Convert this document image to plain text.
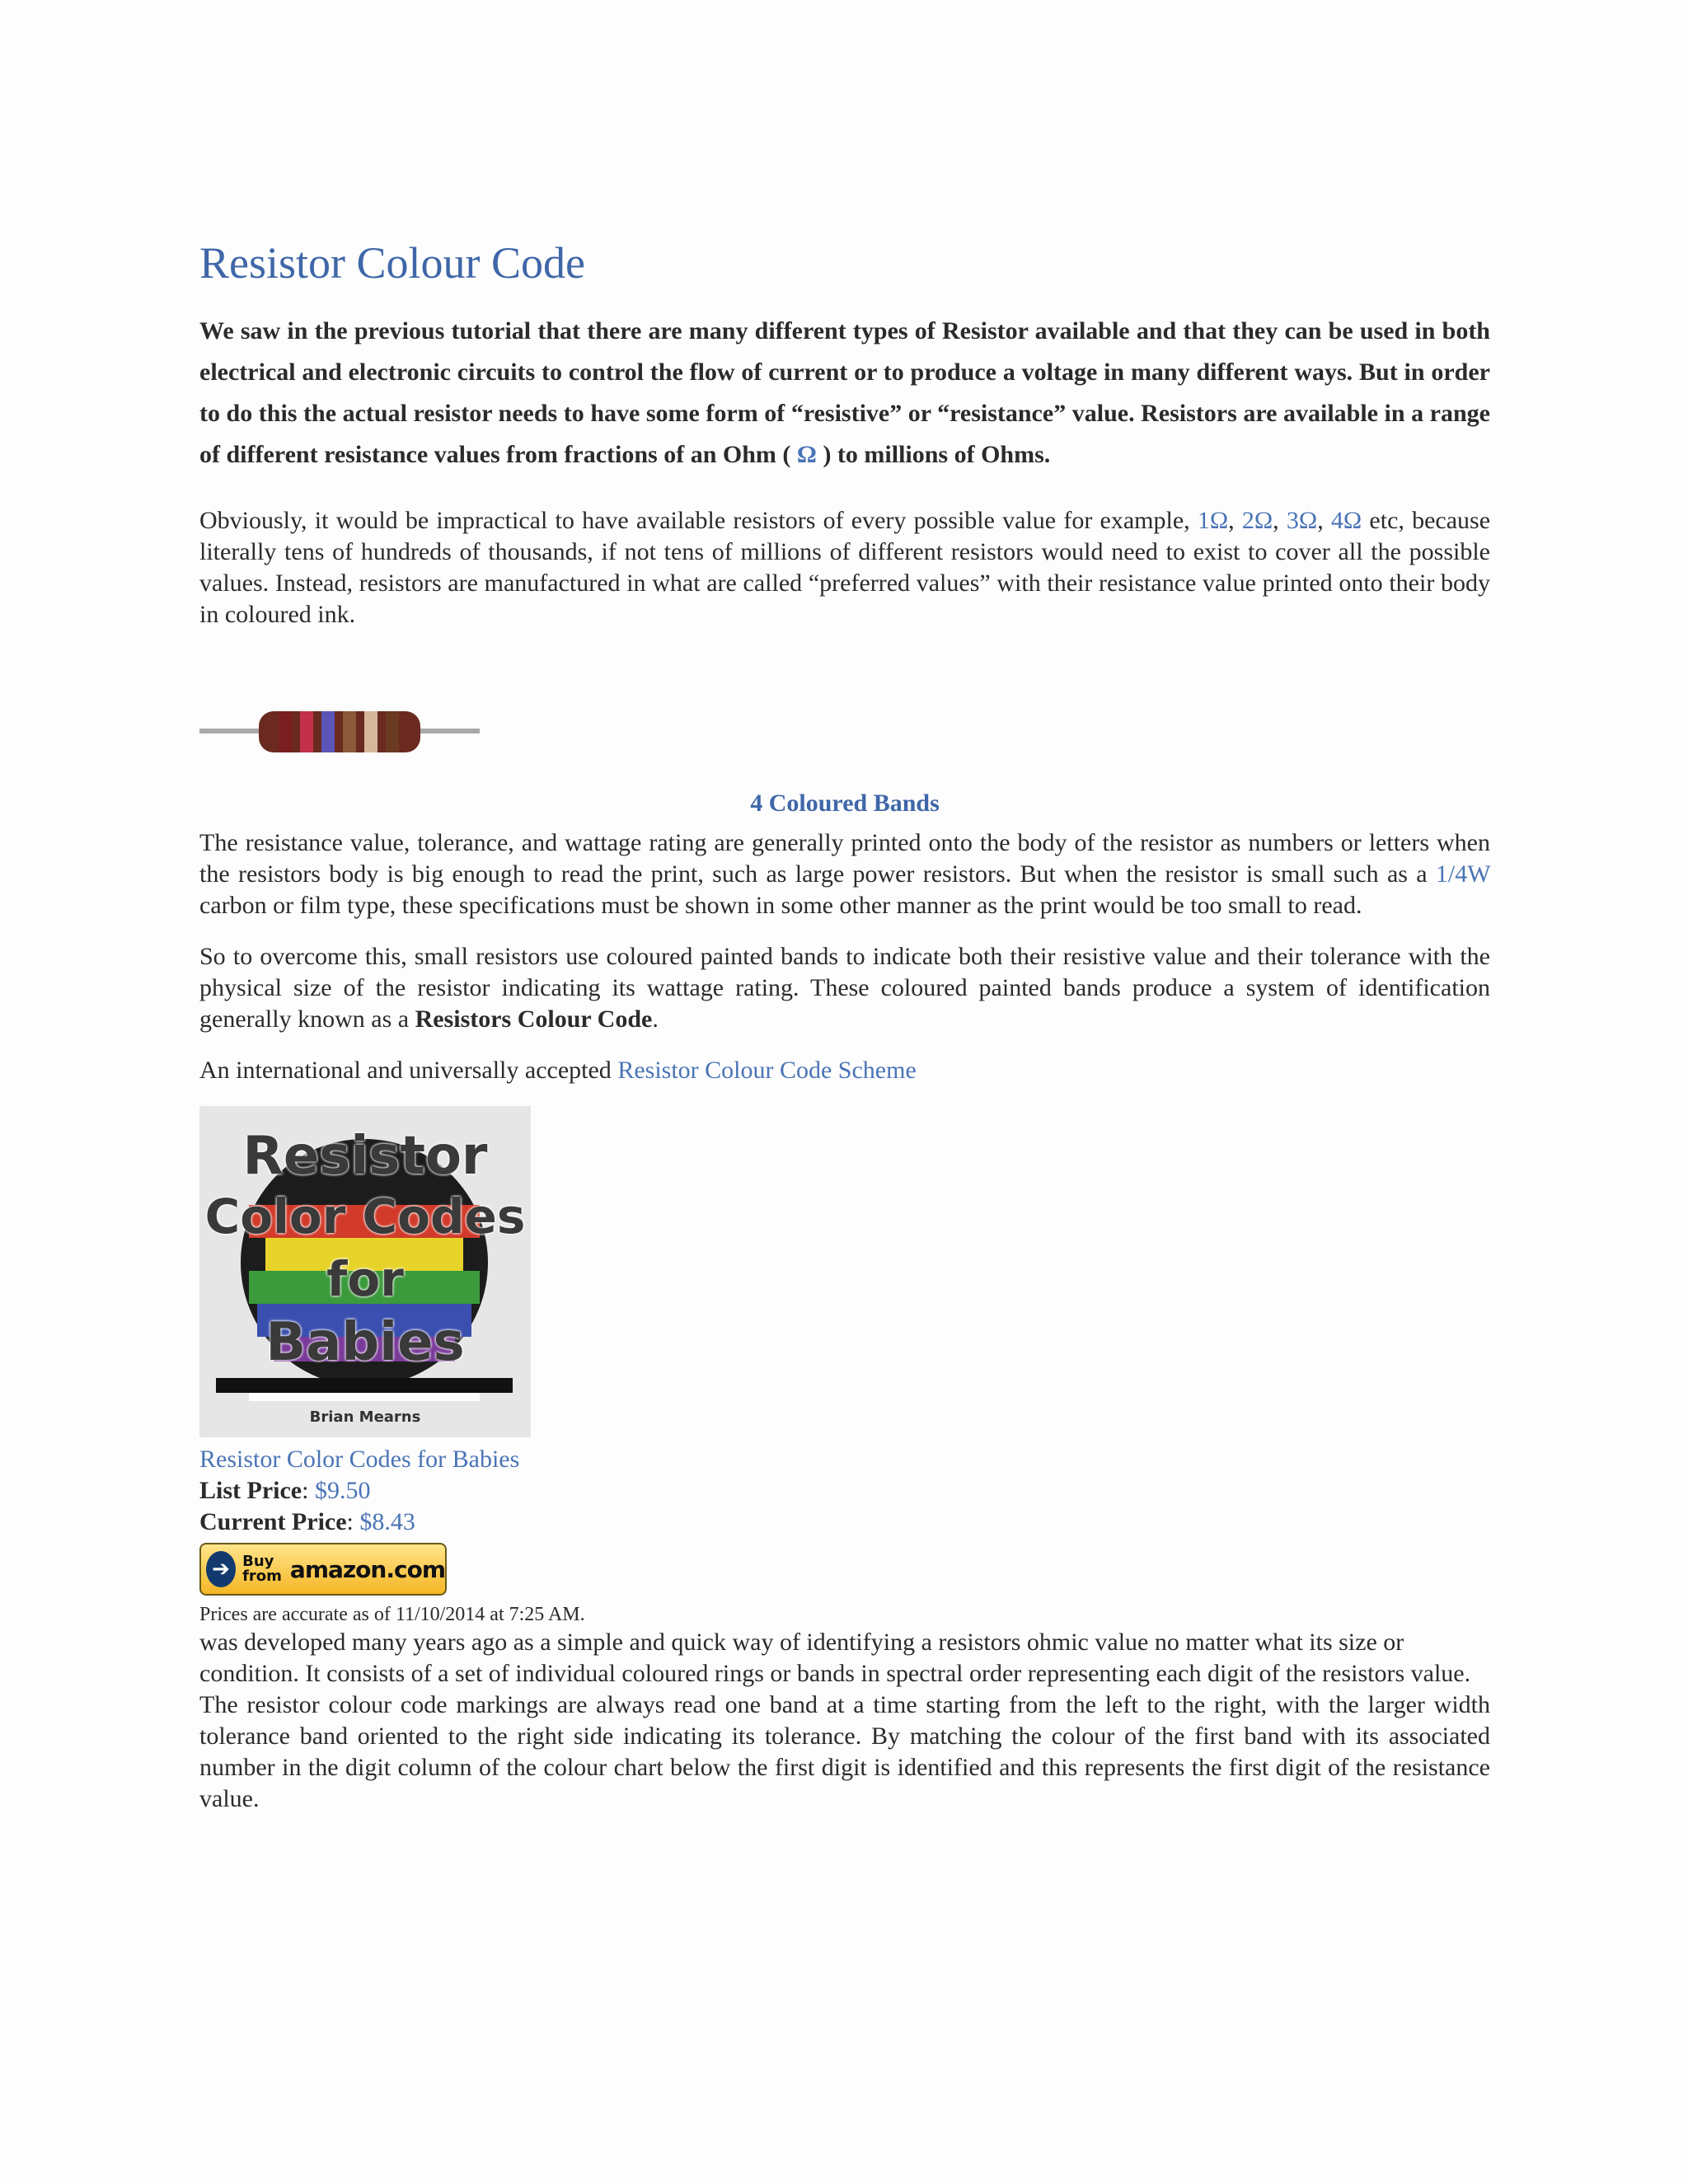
Resistor Colour Code

We saw in the previous tutorial that there are many different types of Resistor available and that they can be used in both electrical and electronic circuits to control the flow of current or to produce a voltage in many different ways. But in order to do this the actual resistor needs to have some form of “resistive” or “resistance” value. Resistors are available in a range of different resistance values from fractions of an Ohm ( Ω ) to millions of Ohms.

Obviously, it would be impractical to have available resistors of every possible value for example, 1Ω, 2Ω, 3Ω, 4Ω etc, because literally tens of hundreds of thousands, if not tens of millions of different resistors would need to exist to cover all the possible values. Instead, resistors are manufactured in what are called “preferred values” with their resistance value printed onto their body in coloured ink.

4 Coloured Bands

The resistance value, tolerance, and wattage rating are generally printed onto the body of the resistor as numbers or letters when the resistors body is big enough to read the print, such as large power resistors. But when the resistor is small such as a 1/4W carbon or film type, these specifications must be shown in some other manner as the print would be too small to read.

So to overcome this, small resistors use coloured painted bands to indicate both their resistive value and their tolerance with the physical size of the resistor indicating its wattage rating. These coloured painted bands produce a system of identification generally known as a Resistors Colour Code.

An international and universally accepted Resistor Colour Code Scheme

Resistor
Color Codes
for
Babies
Brian Mearns

Resistor Color Codes for Babies

List Price: $9.50

Current Price: $8.43

➔ Buy from amazon.com

Prices are accurate as of 11/10/2014 at 7:25 AM.

was developed many years ago as a simple and quick way of identifying a resistors ohmic value no matter what its size or condition. It consists of a set of individual coloured rings or bands in spectral order representing each digit of the resistors value.

The resistor colour code markings are always read one band at a time starting from the left to the right, with the larger width tolerance band oriented to the right side indicating its tolerance. By matching the colour of the first band with its associated number in the digit column of the colour chart below the first digit is identified and this represents the first digit of the resistance value.
